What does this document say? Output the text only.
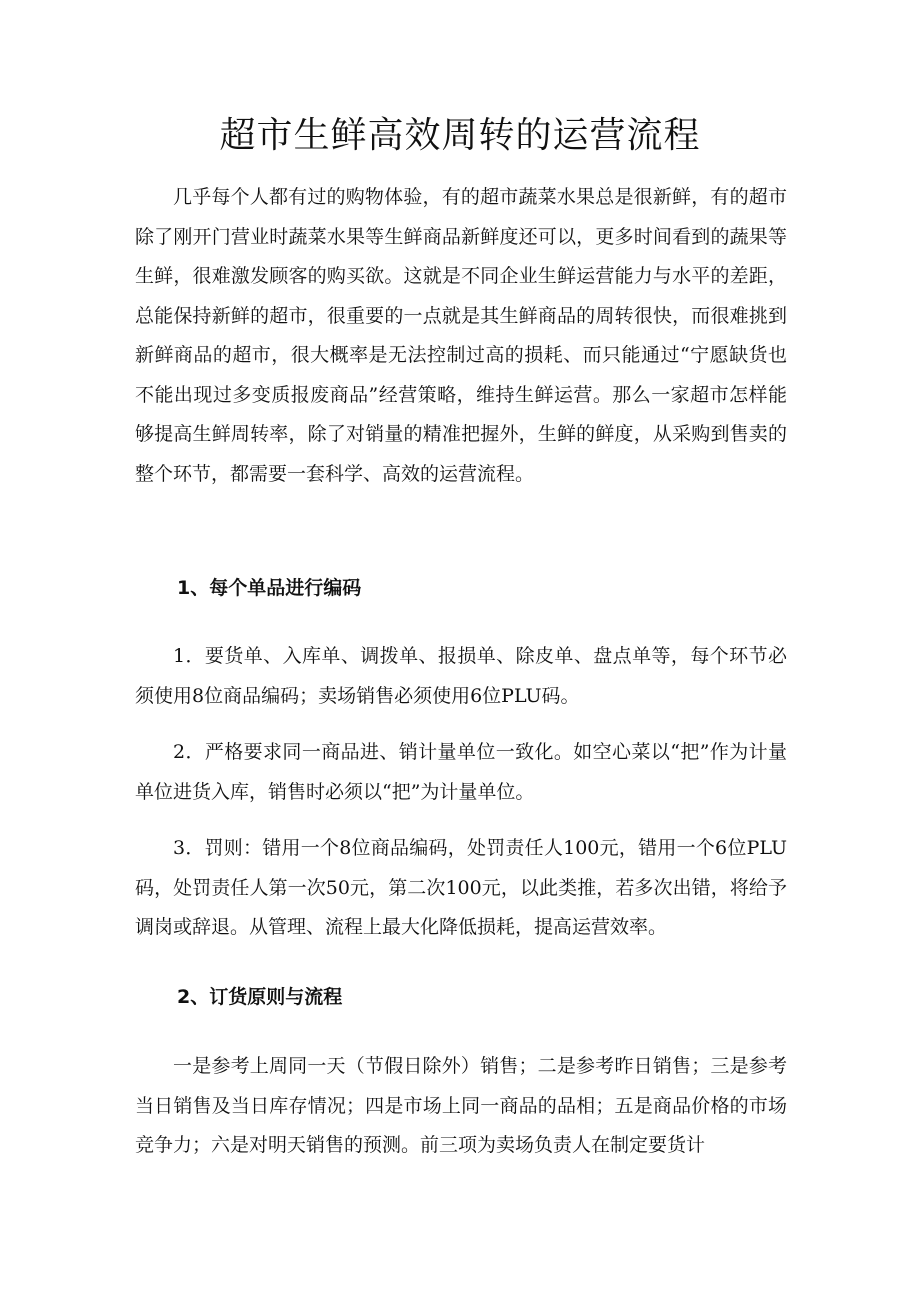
超市生鲜高效周转的运营流程

几乎每个人都有过的购物体验，有的超市蔬菜水果总是很新鲜，有的超市除了刚开门营业时蔬菜水果等生鲜商品新鲜度还可以，更多时间看到的蔬果等生鲜，很难激发顾客的购买欲。这就是不同企业生鲜运营能力与水平的差距，总能保持新鲜的超市，很重要的一点就是其生鲜商品的周转很快，而很难挑到新鲜商品的超市，很大概率是无法控制过高的损耗、而只能通过“宁愿缺货也不能出现过多变质报废商品”经营策略，维持生鲜运营。那么一家超市怎样能够提高生鲜周转率，除了对销量的精准把握外，生鲜的鲜度，从采购到售卖的整个环节，都需要一套科学、高效的运营流程。

1、每个单品进行编码

1．要货单、入库单、调拨单、报损单、除皮单、盘点单等，每个环节必须使用8位商品编码；卖场销售必须使用6位PLU码。

2．严格要求同一商品进、销计量单位一致化。如空心菜以“把”作为计量单位进货入库，销售时必须以“把”为计量单位。

3．罚则：错用一个8位商品编码，处罚责任人100元，错用一个6位PLU码，处罚责任人第一次50元，第二次100元，以此类推，若多次出错，将给予调岗或辞退。从管理、流程上最大化降低损耗，提高运营效率。

2、订货原则与流程

一是参考上周同一天（节假日除外）销售；二是参考昨日销售；三是参考当日销售及当日库存情况；四是市场上同一商品的品相；五是商品价格的市场竞争力；六是对明天销售的预测。前三项为卖场负责人在制定要货计
